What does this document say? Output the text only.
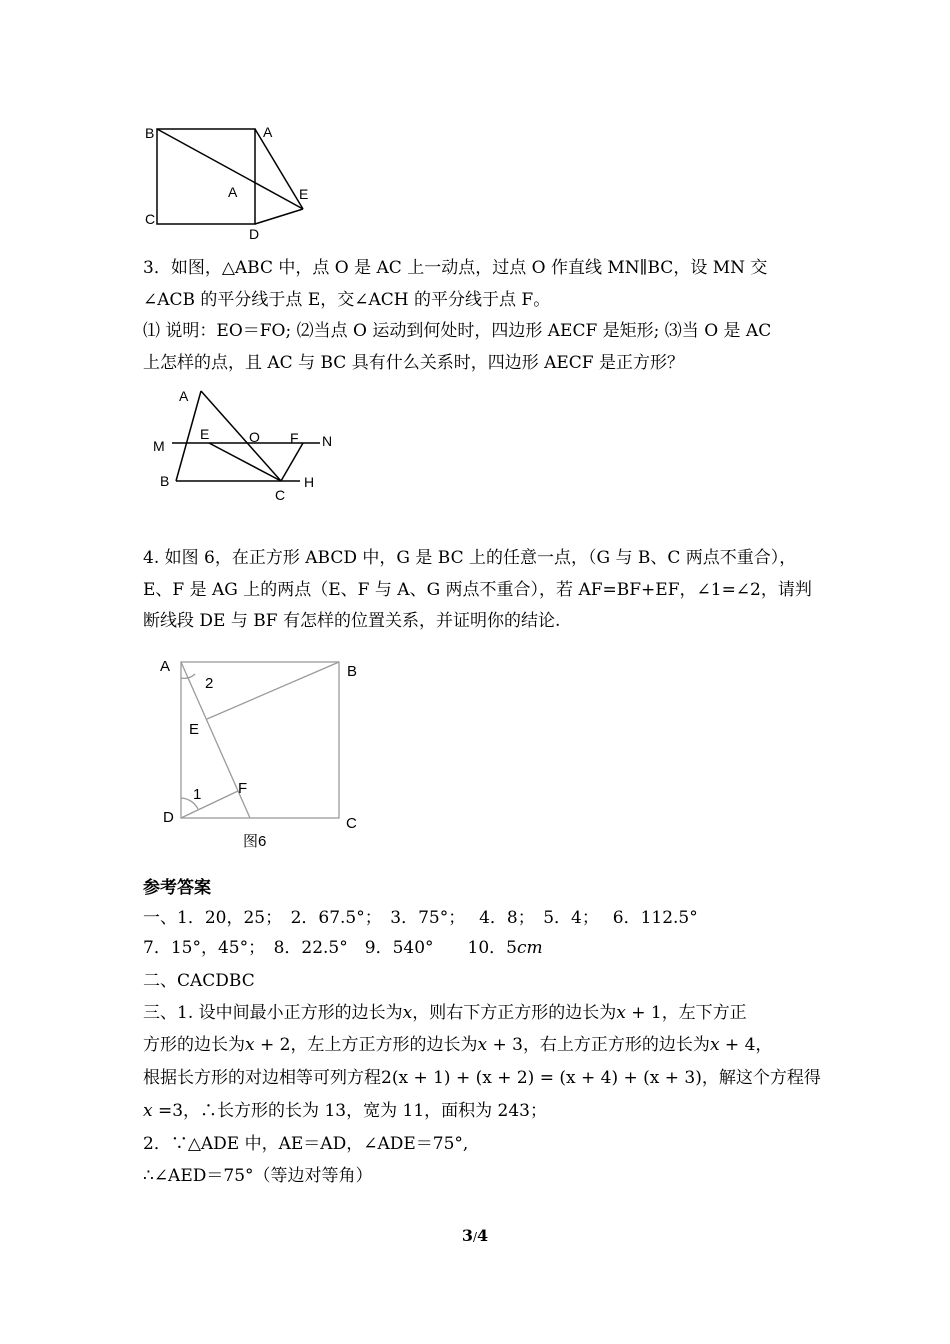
B	A
A	E
C
D
3．如图，△ABC 中，点 O 是 AC 上一动点，过点 O 作直线 MN∥BC，设 MN 交
∠ACB 的平分线于点 E，交∠ACH 的平分线于点 F。
⑴ 说明：EO＝FO; ⑵当点 O 运动到何处时，四边形 AECF 是矩形; ⑶当 O 是 AC
上怎样的点，且 AC 与 BC 具有什么关系时，四边形 AECF 是正方形？
A
M
E	O F N
B
C
H
4. 如图 6，在正方形 ABCD 中，G 是 BC 上的任意一点，（G 与 B、C 两点不重合），
E、F 是 AG 上的两点（E、F 与 A、G 两点不重合），若 AF=BF+EF，∠1=∠2，请判
断线段 DE 与 BF 有怎样的位置关系，并证明你的结论.
A	B
2
E
F
1
D	C
图6
参考答案
一、1．20，25；　2．67.5°；　3．75°；　 4．8；　5．4；　 6．112.5°
7．15°，45°；　8．22.5°　9．540°　　10．5cm
二、CACDBC
三、1. 设中间最小正方形的边长为x，则右下方正方形的边长为x + 1，左下方正
方形的边长为x + 2，左上方正方形的边长为x + 3，右上方正方形的边长为x + 4，
根据长方形的对边相等可列方程2(x + 1) + (x + 2) = (x + 4) + (x + 3)，解这个方程得
x =3，∴长方形的长为 13，宽为 11，面积为 243；
2．∵△ADE 中，AE＝AD，∠ADE＝75°,
∴∠AED＝75°（等边对等角）
3/4
